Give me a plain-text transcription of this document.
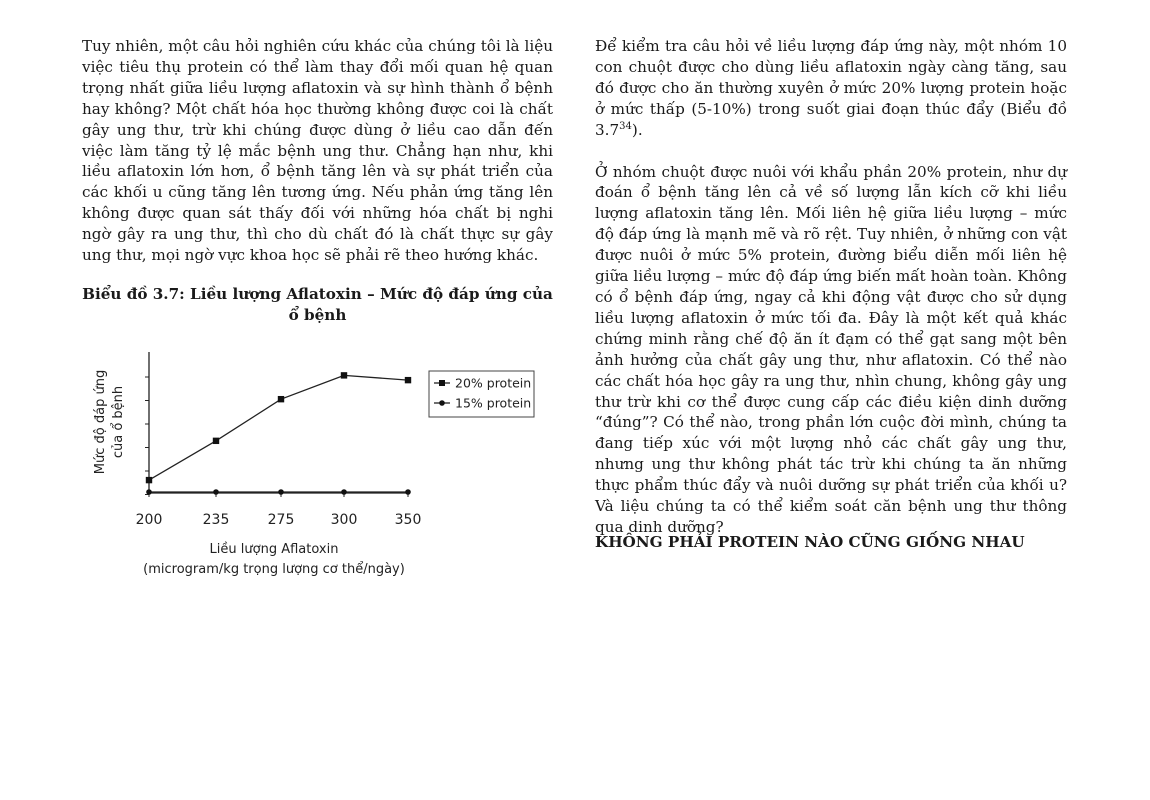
Tuy nhiên, một câu hỏi nghiên cứu khác của chúng tôi là liệu việc tiêu thụ protein có thể làm thay đổi mối quan hệ quan trọng nhất giữa liều lượng aflatoxin và sự hình thành ổ bệnh hay không? Một chất hóa học thường không được coi là chất gây ung thư, trừ khi chúng được dùng ở liều cao dẫn đến việc làm tăng tỷ lệ mắc bệnh ung thư. Chẳng hạn như, khi liều aflatoxin lớn hơn, ổ bệnh tăng lên và sự phát triển của các khối u cũng tăng lên tương ứng. Nếu phản ứng tăng lên không được quan sát thấy đối với những hóa chất bị nghi ngờ gây ra ung thư, thì cho dù chất đó là chất thực sự gây ung thư, mọi ngờ vực khoa học sẽ phải rẽ theo hướng khác.

Biểu đồ 3.7: Liều lượng Aflatoxin – Mức độ đáp ứng của ổ bệnh
200	235	275	300	350
20% protein
15% protein
Mức độ đáp ứng của ổ bệnh
Liều lượng Aflatoxin
(microgram/kg trọng lượng cơ thể/ngày)

Để kiểm tra câu hỏi về liều lượng đáp ứng này, một nhóm 10 con chuột được cho dùng liều aflatoxin ngày càng tăng, sau đó được cho ăn thường xuyên ở mức 20% lượng protein hoặc ở mức thấp (5-10%) trong suốt giai đoạn thúc đẩy (Biểu đồ $3.7^{34}$).

Ở nhóm chuột được nuôi với khẩu phần 20% protein, như dự đoán ổ bệnh tăng lên cả về số lượng lẫn kích cỡ khi liều lượng aflatoxin tăng lên. Mối liên hệ giữa liều lượng – mức độ đáp ứng là mạnh mẽ và rõ rệt. Tuy nhiên, ở những con vật được nuôi ở mức 5% protein, đường biểu diễn mối liên hệ giữa liều lượng – mức độ đáp ứng biến mất hoàn toàn. Không có ổ bệnh đáp ứng, ngay cả khi động vật được cho sử dụng liều lượng aflatoxin ở mức tối đa. Đây là một kết quả khác chứng minh rằng chế độ ăn ít đạm có thể gạt sang một bên ảnh hưởng của chất gây ung thư, như aflatoxin. Có thể nào các chất hóa học gây ra ung thư, nhìn chung, không gây ung thư trừ khi cơ thể được cung cấp các điều kiện dinh dưỡng “đúng”? Có thể nào, trong phần lớn cuộc đời mình, chúng ta đang tiếp xúc với một lượng nhỏ các chất gây ung thư, nhưng ung thư không phát tác trừ khi chúng ta ăn những thực phẩm thúc đẩy và nuôi dưỡng sự phát triển của khối u? Và liệu chúng ta có thể kiểm soát căn bệnh ung thư thông qua dinh dưỡng?

KHÔNG PHẢI PROTEIN NÀO CŨNG GIỐNG NHAU
